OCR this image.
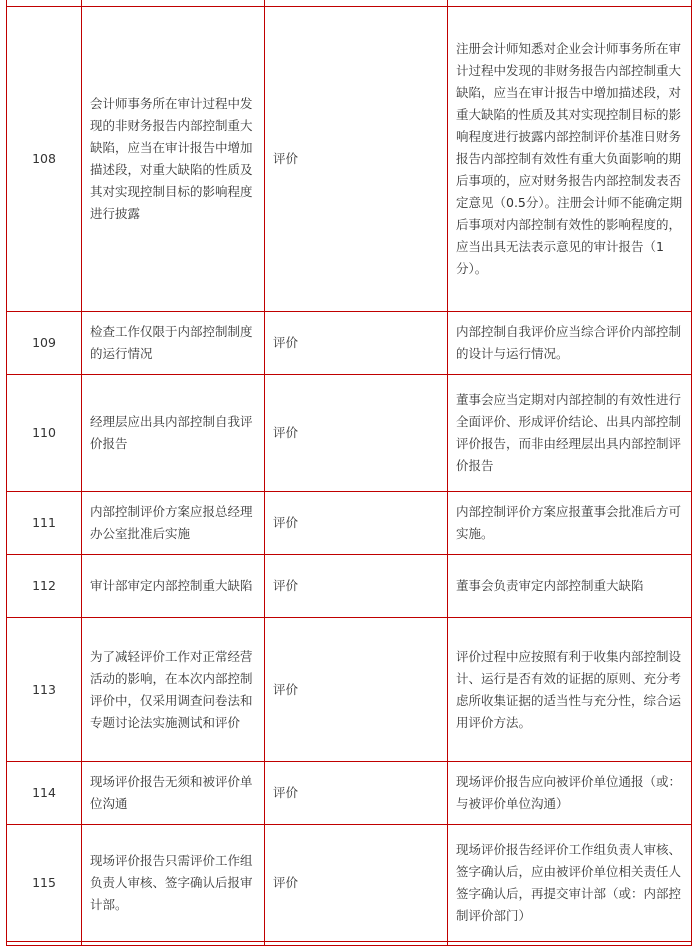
108	会计师事务所在审计过程中发现的非财务报告内部控制重大缺陷，应当在审计报告中增加描述段，对重大缺陷的性质及其对实现控制目标的影响程度进行披露	评价	注册会计师知悉对企业会计师事务所在审计过程中发现的非财务报告内部控制重大缺陷，应当在审计报告中增加描述段，对重大缺陷的性质及其对实现控制目标的影响程度进行披露内部控制评价基准日财务报告内部控制有效性有重大负面影响的期后事项的，应对财务报告内部控制发表否定意见（0.5分）。注册会计师不能确定期后事项对内部控制有效性的影响程度的，应当出具无法表示意见的审计报告（1分）。
109	检查工作仅限于内部控制制度的运行情况	评价	内部控制自我评价应当综合评价内部控制的设计与运行情况。
110	经理层应出具内部控制自我评价报告	评价	董事会应当定期对内部控制的有效性进行全面评价、形成评价结论、出具内部控制评价报告，而非由经理层出具内部控制评价报告
111	内部控制评价方案应报总经理办公室批准后实施	评价	内部控制评价方案应报董事会批准后方可实施。
112	审计部审定内部控制重大缺陷	评价	董事会负责审定内部控制重大缺陷
113	为了减轻评价工作对正常经营活动的影响，在本次内部控制评价中，仅采用调查问卷法和专题讨论法实施测试和评价	评价	评价过程中应按照有利于收集内部控制设计、运行是否有效的证据的原则、充分考虑所收集证据的适当性与充分性，综合运用评价方法。
114	现场评价报告无须和被评价单位沟通	评价	现场评价报告应向被评价单位通报（或：与被评价单位沟通）
115	现场评价报告只需评价工作组负责人审核、签字确认后报审计部。	评价	现场评价报告经评价工作组负责人审核、签字确认后，应由被评价单位相关责任人签字确认后，再提交审计部（或：内部控制评价部门）
